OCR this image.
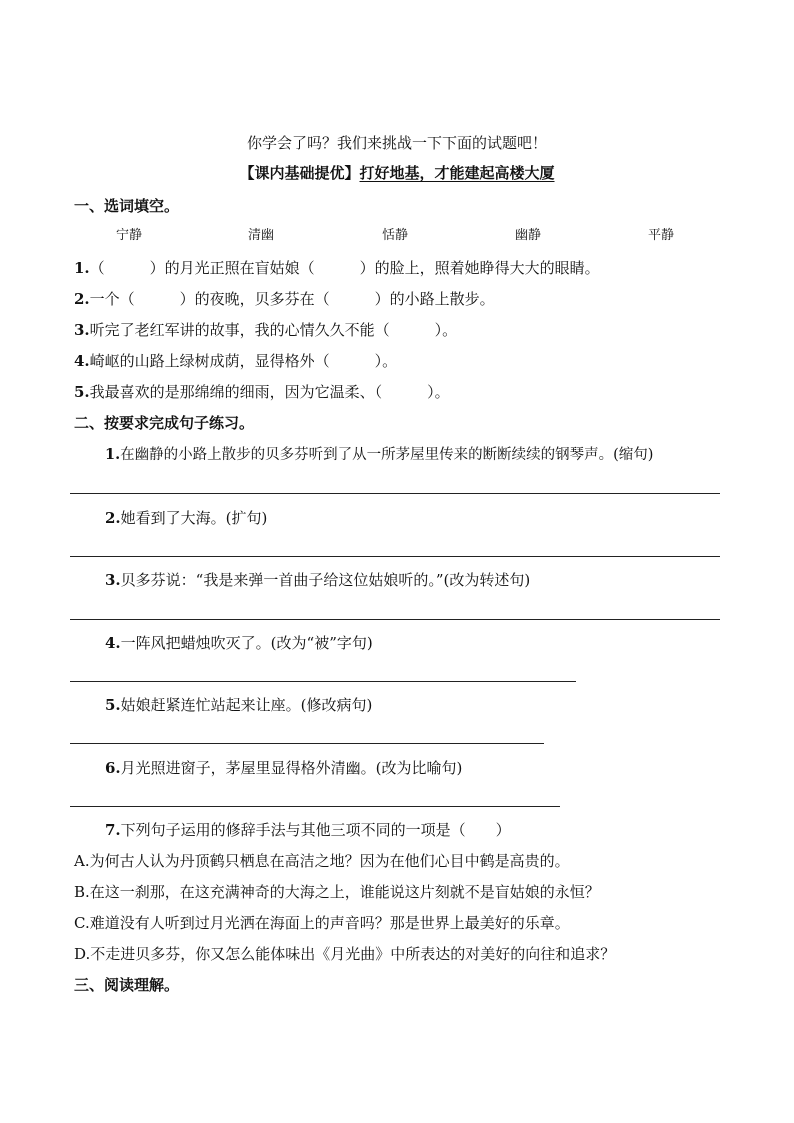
你学会了吗？我们来挑战一下下面的试题吧！
【课内基础提优】打好地基，才能建起高楼大厦
一、选词填空。
宁静	清幽	恬静	幽静	平静
1.（　　　）的月光正照在盲姑娘（　　　）的脸上，照着她睁得大大的眼睛。
2.一个（　　　）的夜晚，贝多芬在（　　　）的小路上散步。
3.听完了老红军讲的故事，我的心情久久不能（　　　）。
4.崎岖的山路上绿树成荫，显得格外（　　　）。
5.我最喜欢的是那绵绵的细雨，因为它温柔、（　　　）。
二、按要求完成句子练习。
1.在幽静的小路上散步的贝多芬听到了从一所茅屋里传来的断断续续的钢琴声。(缩句)
2.她看到了大海。(扩句)
3.贝多芬说：“我是来弹一首曲子给这位姑娘听的。”(改为转述句)
4.一阵风把蜡烛吹灭了。(改为“被”字句)
5.姑娘赶紧连忙站起来让座。(修改病句)
6.月光照进窗子，茅屋里显得格外清幽。(改为比喻句)
7.下列句子运用的修辞手法与其他三项不同的一项是（　　）
A.为何古人认为丹顶鹤只栖息在高洁之地？因为在他们心目中鹤是高贵的。
B.在这一刹那，在这充满神奇的大海之上，谁能说这片刻就不是盲姑娘的永恒？
C.难道没有人听到过月光洒在海面上的声音吗？那是世界上最美好的乐章。
D.不走进贝多芬，你又怎么能体味出《月光曲》中所表达的对美好的向往和追求？
三、阅读理解。
